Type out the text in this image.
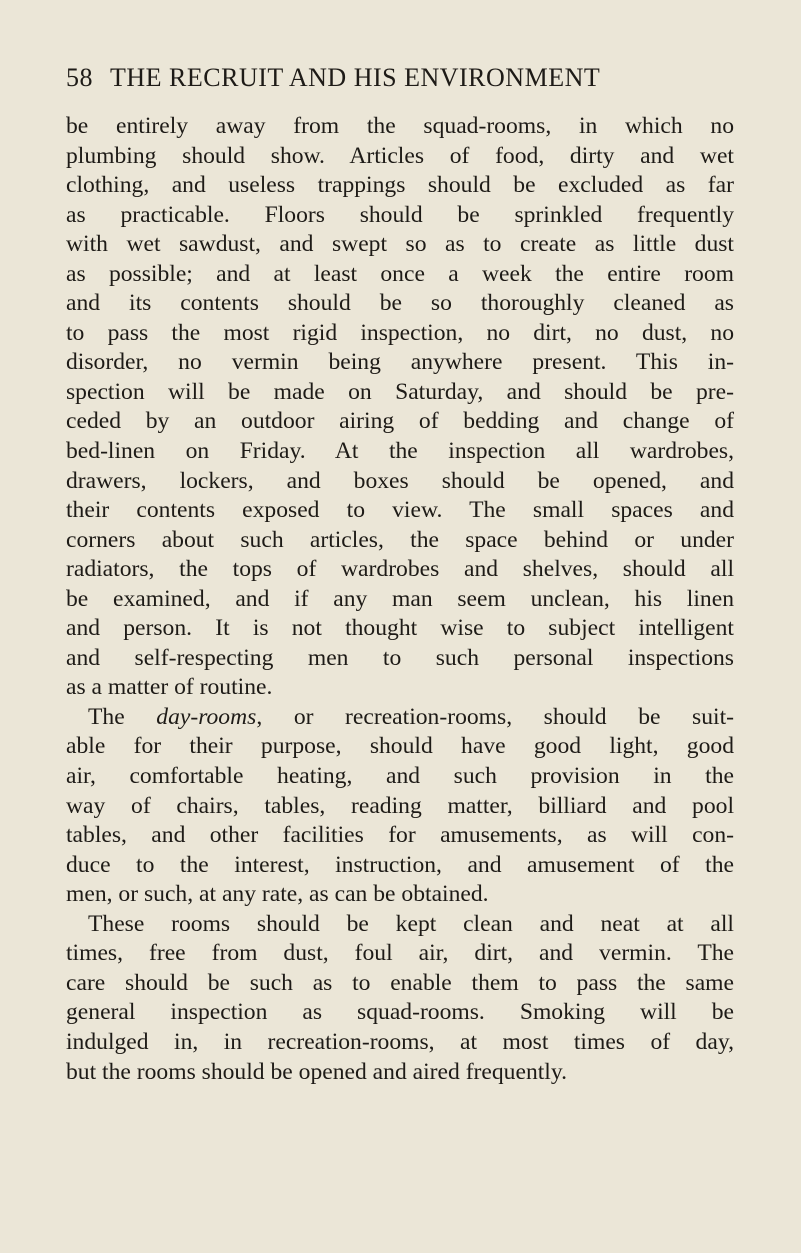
58 THE RECRUIT AND HIS ENVIRONMENT
be entirely away from the squad-rooms, in which no
plumbing should show. Articles of food, dirty and wet
clothing, and useless trappings should be excluded as far
as practicable. Floors should be sprinkled frequently
with wet sawdust, and swept so as to create as little dust
as possible; and at least once a week the entire room
and its contents should be so thoroughly cleaned as
to pass the most rigid inspection, no dirt, no dust, no
disorder, no vermin being anywhere present. This in-
spection will be made on Saturday, and should be pre-
ceded by an outdoor airing of bedding and change of
bed-linen on Friday. At the inspection all wardrobes,
drawers, lockers, and boxes should be opened, and
their contents exposed to view. The small spaces and
corners about such articles, the space behind or under
radiators, the tops of wardrobes and shelves, should all
be examined, and if any man seem unclean, his linen
and person. It is not thought wise to subject intelligent
and self-respecting men to such personal inspections
as a matter of routine.
The day-rooms, or recreation-rooms, should be suit-
able for their purpose, should have good light, good
air, comfortable heating, and such provision in the
way of chairs, tables, reading matter, billiard and pool
tables, and other facilities for amusements, as will con-
duce to the interest, instruction, and amusement of the
men, or such, at any rate, as can be obtained.
These rooms should be kept clean and neat at all
times, free from dust, foul air, dirt, and vermin. The
care should be such as to enable them to pass the same
general inspection as squad-rooms. Smoking will be
indulged in, in recreation-rooms, at most times of day,
but the rooms should be opened and aired frequently.
